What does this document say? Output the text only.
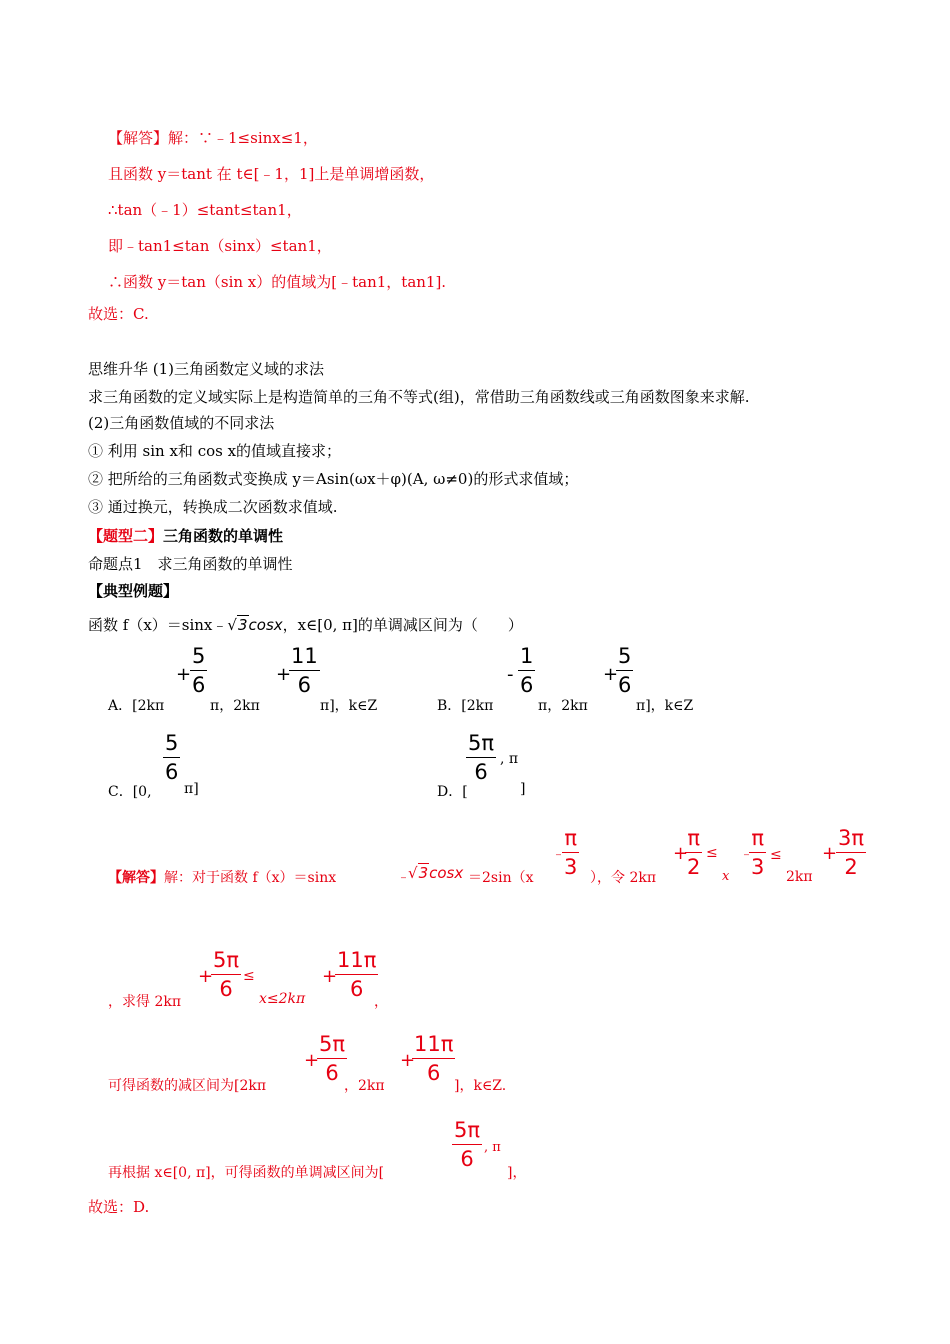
【解答】解：∵﹣1≤sinx≤1，
且函数 y＝tant 在 t∈[﹣1，1]上是单调增函数，
∴tan（﹣1）≤tant≤tan1，
即﹣tan1≤tan（sinx）≤tan1，
∴函数 y＝tan（sin x）的值域为[﹣tan1，tan1].
故选：C.
思维升华 (1)三角函数定义域的求法
求三角函数的定义域实际上是构造简单的三角不等式(组)，常借助三角函数线或三角函数图象来求解.
(2)三角函数值域的不同求法
① 利用 sin x和 cos x的值域直接求；
② 把所给的三角函数式变换成 y＝Asin(ωx＋φ)(A, ω≠0)的形式求值域；
③ 通过换元，转换成二次函数求值域.
【题型二】三角函数的单调性
命题点1　求三角函数的单调性
【典型例题】
函数 f（x）＝sinx﹣√3cosx，x∈[0, π]的单调减区间为（　　）
A．[2kπ
+
5
6
π，2kπ
+
11
6
π]，k∈Z	B．[2kπ
-
1
6
π，2kπ
+
5
6
π]，k∈Z
C．[0,
5
6
π]	D．[
5π
6
, π
]
【解答】解：对于函数 f（x）＝sinx	﹣
√3cosx ＝2sin（x
﹣
π
3 ），令 2kπ
+
π
2
≤
x
﹣
π
3 ≤
2kπ
+
3π
2
，求得 2kπ
+
5π
6
≤
x≤2kπ
+
11π
6
，
可得函数的减区间为[2kπ
+
5π
6
，2kπ
+
11π
6
]，k∈Z.
再根据 x∈[0, π]，可得函数的单调减区间为[
5π
6 , π
]，
故选：D.
